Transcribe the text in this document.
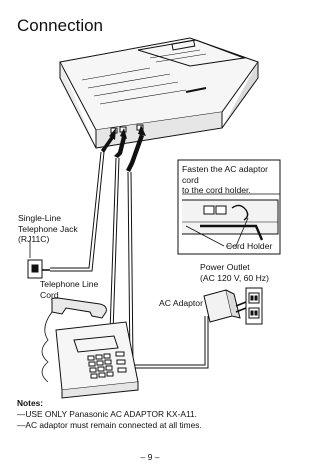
Connection
Fasten the AC adaptor cord
to the cord holder.
Cord Holder
Single-Line
Telephone Jack
(RJ11C)
Telephone Line
Cord
Power Outlet
(AC 120 V, 60 Hz)
AC Adaptor
Notes:
—USE ONLY Panasonic AC ADAPTOR KX-A11.
—AC adaptor must remain connected at all times.
– 9 –
